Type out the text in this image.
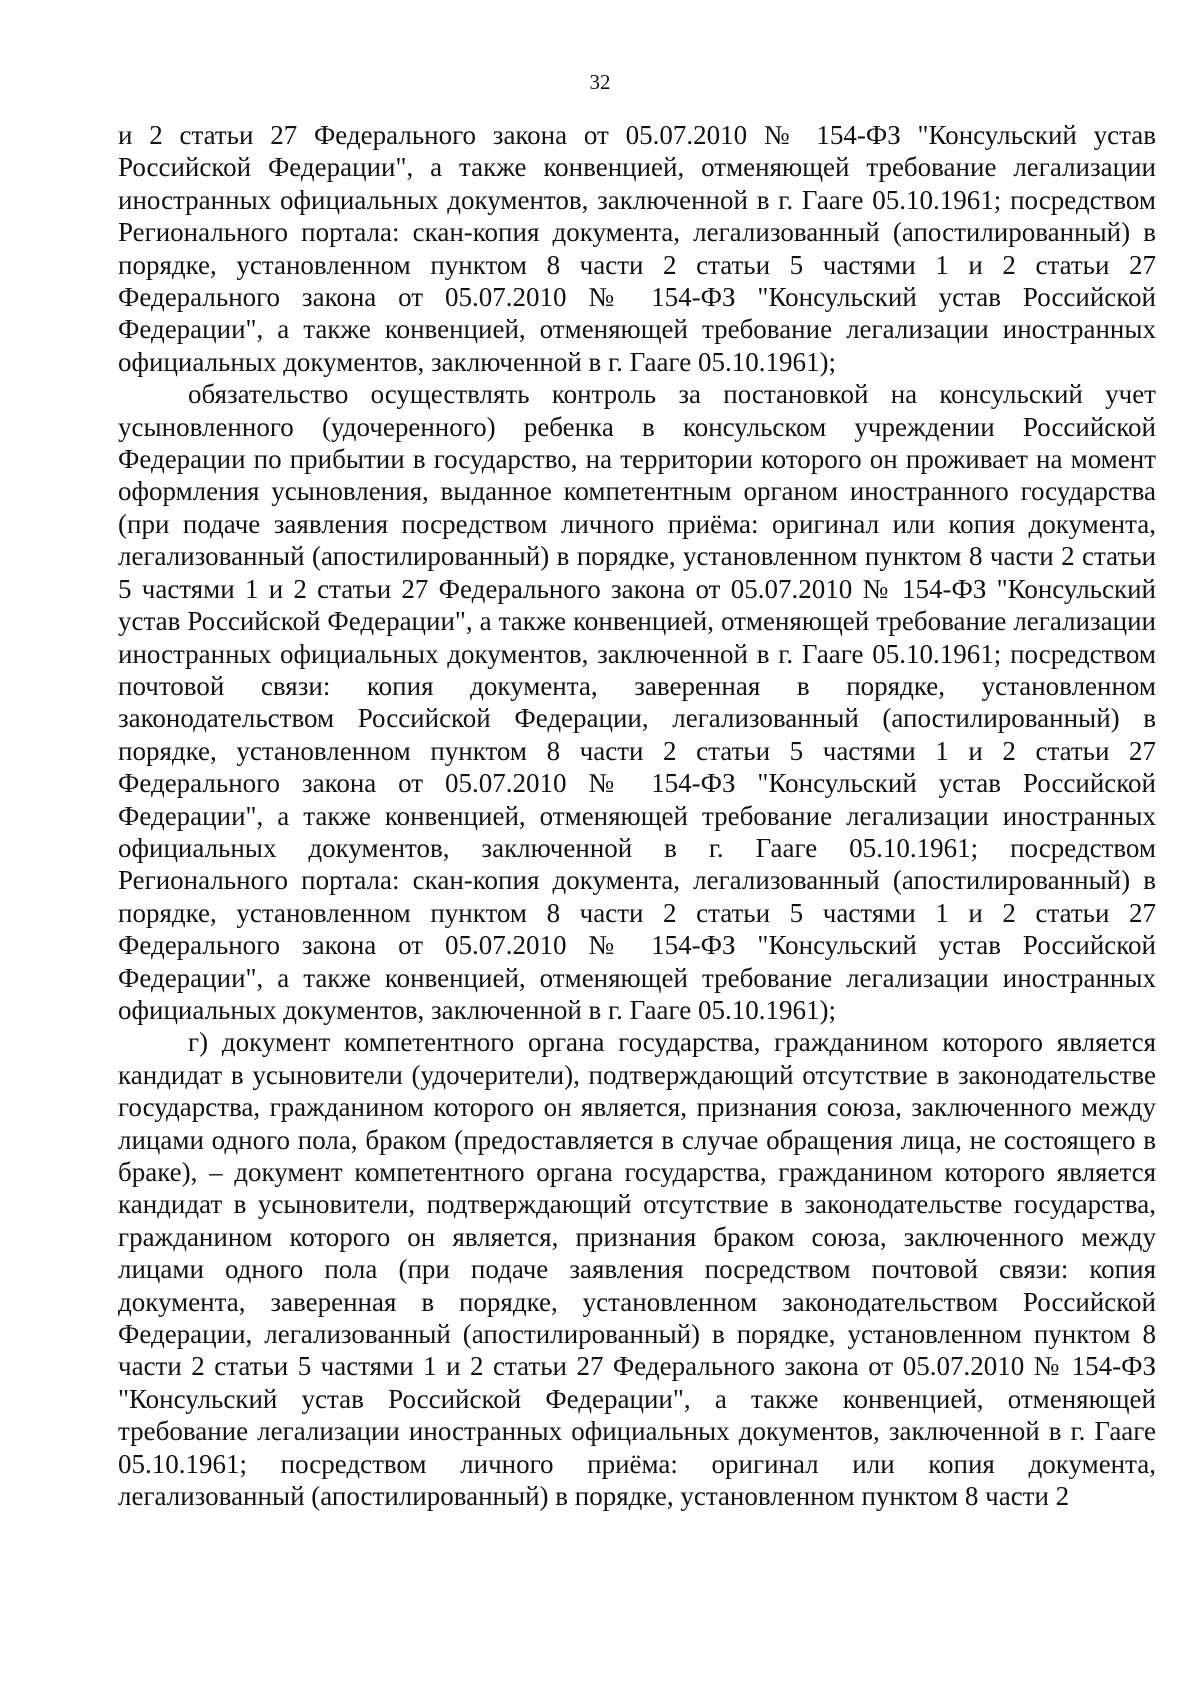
32

и 2 статьи 27 Федерального закона от 05.07.2010 № 154-ФЗ "Консульский устав Российской Федерации", а также конвенцией, отменяющей требование легализации иностранных официальных документов, заключенной в г. Гааге 05.10.1961; посредством Регионального портала: скан-копия документа, легализованный (апостилированный) в порядке, установленном пунктом 8 части 2 статьи 5 частями 1 и 2 статьи 27 Федерального закона от 05.07.2010 № 154-ФЗ "Консульский устав Российской Федерации", а также конвенцией, отменяющей требование легализации иностранных официальных документов, заключенной в г. Гааге 05.10.1961);

обязательство осуществлять контроль за постановкой на консульский учет усыновленного (удочеренного) ребенка в консульском учреждении Российской Федерации по прибытии в государство, на территории которого он проживает на момент оформления усыновления, выданное компетентным органом иностранного государства (при подаче заявления посредством личного приёма: оригинал или копия документа, легализованный (апостилированный) в порядке, установленном пунктом 8 части 2 статьи 5 частями 1 и 2 статьи 27 Федерального закона от 05.07.2010 № 154-ФЗ "Консульский устав Российской Федерации", а также конвенцией, отменяющей требование легализации иностранных официальных документов, заключенной в г. Гааге 05.10.1961; посредством почтовой связи: копия документа, заверенная в порядке, установленном законодательством Российской Федерации, легализованный (апостилированный) в порядке, установленном пунктом 8 части 2 статьи 5 частями 1 и 2 статьи 27 Федерального закона от 05.07.2010 № 154-ФЗ "Консульский устав Российской Федерации", а также конвенцией, отменяющей требование легализации иностранных официальных документов, заключенной в г. Гааге 05.10.1961; посредством Регионального портала: скан-копия документа, легализованный (апостилированный) в порядке, установленном пунктом 8 части 2 статьи 5 частями 1 и 2 статьи 27 Федерального закона от 05.07.2010 № 154-ФЗ "Консульский устав Российской Федерации", а также конвенцией, отменяющей требование легализации иностранных официальных документов, заключенной в г. Гааге 05.10.1961);

г) документ компетентного органа государства, гражданином которого является кандидат в усыновители (удочерители), подтверждающий отсутствие в законодательстве государства, гражданином которого он является, признания союза, заключенного между лицами одного пола, браком (предоставляется в случае обращения лица, не состоящего в браке), – документ компетентного органа государства, гражданином которого является кандидат в усыновители, подтверждающий отсутствие в законодательстве государства, гражданином которого он является, признания браком союза, заключенного между лицами одного пола (при подаче заявления посредством почтовой связи: копия документа, заверенная в порядке, установленном законодательством Российской Федерации, легализованный (апостилированный) в порядке, установленном пунктом 8 части 2 статьи 5 частями 1 и 2 статьи 27 Федерального закона от 05.07.2010 № 154-ФЗ "Консульский устав Российской Федерации", а также конвенцией, отменяющей требование легализации иностранных официальных документов, заключенной в г. Гааге 05.10.1961; посредством личного приёма: оригинал или копия документа, легализованный (апостилированный) в порядке, установленном пунктом 8 части 2
